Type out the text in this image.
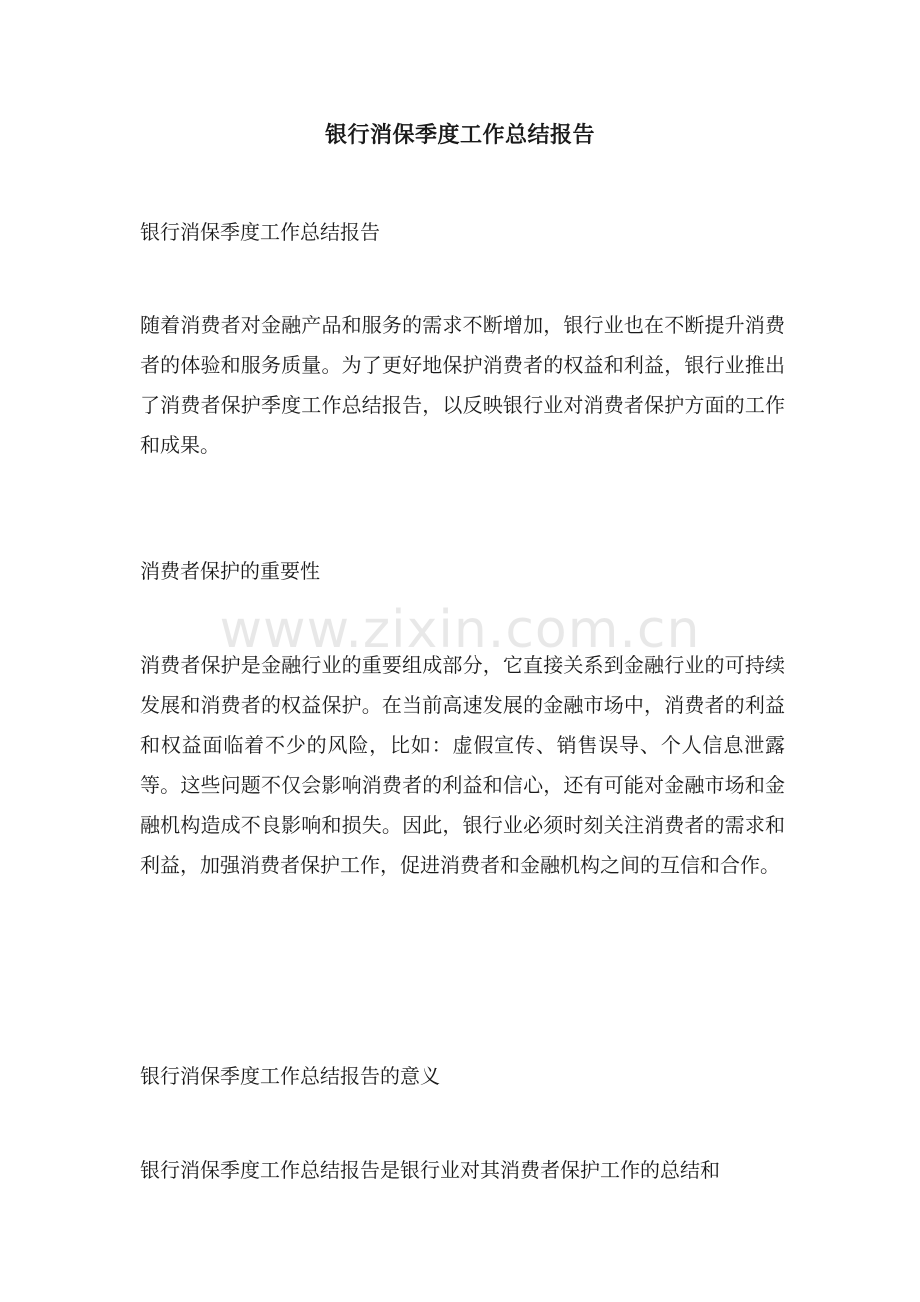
银行消保季度工作总结报告
银行消保季度工作总结报告
随着消费者对金融产品和服务的需求不断增加，银行业也在不断提升消费者的体验和服务质量。为了更好地保护消费者的权益和利益，银行业推出了消费者保护季度工作总结报告，以反映银行业对消费者保护方面的工作和成果。
消费者保护的重要性
消费者保护是金融行业的重要组成部分，它直接关系到金融行业的可持续发展和消费者的权益保护。在当前高速发展的金融市场中，消费者的利益和权益面临着不少的风险，比如：虚假宣传、销售误导、个人信息泄露等。这些问题不仅会影响消费者的利益和信心，还有可能对金融市场和金融机构造成不良影响和损失。因此，银行业必须时刻关注消费者的需求和利益，加强消费者保护工作，促进消费者和金融机构之间的互信和合作。
银行消保季度工作总结报告的意义
银行消保季度工作总结报告是银行业对其消费者保护工作的总结和
www.zixin.com.cn
